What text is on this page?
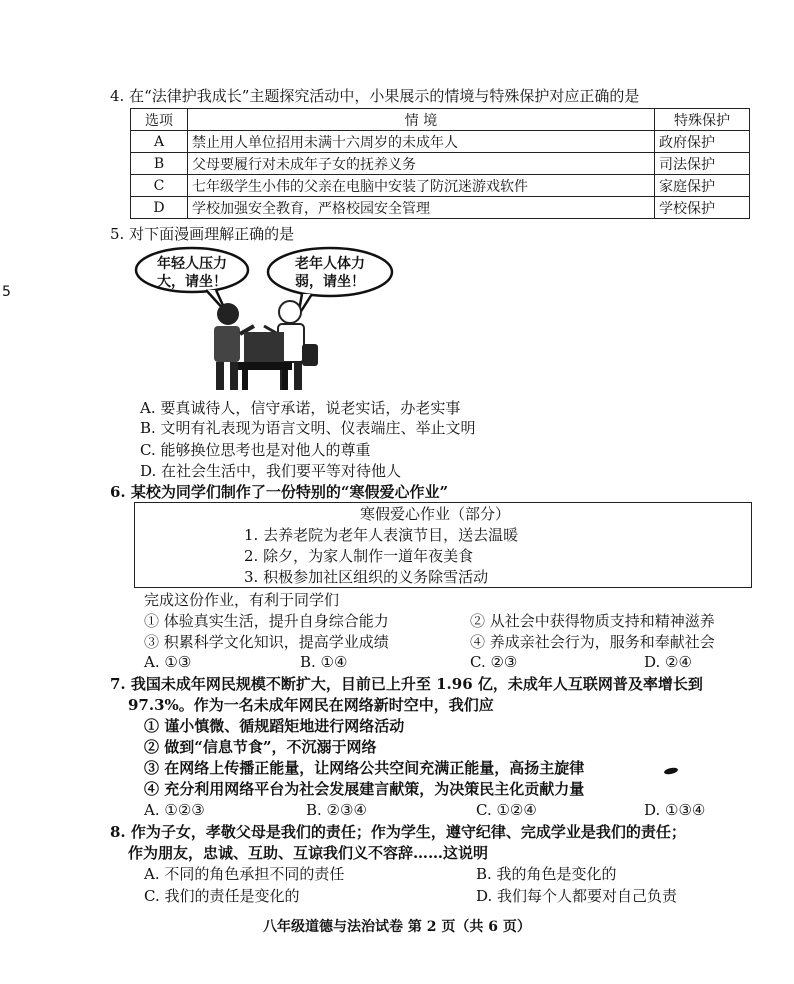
5
4. 在“法律护我成长”主题探究活动中，小果展示的情境与特殊保护对应正确的是
选项	情 境	特殊保护
A	禁止用人单位招用未满十六周岁的未成年人	政府保护
B	父母要履行对未成年子女的抚养义务	司法保护
C	七年级学生小伟的父亲在电脑中安装了防沉迷游戏软件	家庭保护
D	学校加强安全教育，严格校园安全管理	学校保护
5. 对下面漫画理解正确的是
年轻人压力
大，请坐！
老年人体力
弱，请坐！
A. 要真诚待人，信守承诺，说老实话，办老实事
B. 文明有礼表现为语言文明、仪表端庄、举止文明
C. 能够换位思考也是对他人的尊重
D. 在社会生活中，我们要平等对待他人
6. 某校为同学们制作了一份特别的“寒假爱心作业”
寒假爱心作业（部分）
1. 去养老院为老年人表演节目，送去温暖
2. 除夕，为家人制作一道年夜美食
3. 积极参加社区组织的义务除雪活动
完成这份作业，有利于同学们
① 体验真实生活，提升自身综合能力	② 从社会中获得物质支持和精神滋养
③ 积累科学文化知识，提高学业成绩	④ 养成亲社会行为，服务和奉献社会
A. ①③	B. ①④	C. ②③	D. ②④
7. 我国未成年网民规模不断扩大，目前已上升至 1.96 亿，未成年人互联网普及率增长到
97.3%。作为一名未成年网民在网络新时空中，我们应
① 谨小慎微、循规蹈矩地进行网络活动
② 做到“信息节食”，不沉溺于网络
③ 在网络上传播正能量，让网络公共空间充满正能量，高扬主旋律
④ 充分利用网络平台为社会发展建言献策，为决策民主化贡献力量
A. ①②③	B. ②③④	C. ①②④	D. ①③④
8. 作为子女，孝敬父母是我们的责任；作为学生，遵守纪律、完成学业是我们的责任；
作为朋友，忠诚、互助、互谅我们义不容辞……这说明
A. 不同的角色承担不同的责任	B. 我的角色是变化的
C. 我们的责任是变化的	D. 我们每个人都要对自己负责
八年级道德与法治试卷 第 2 页（共 6 页）
